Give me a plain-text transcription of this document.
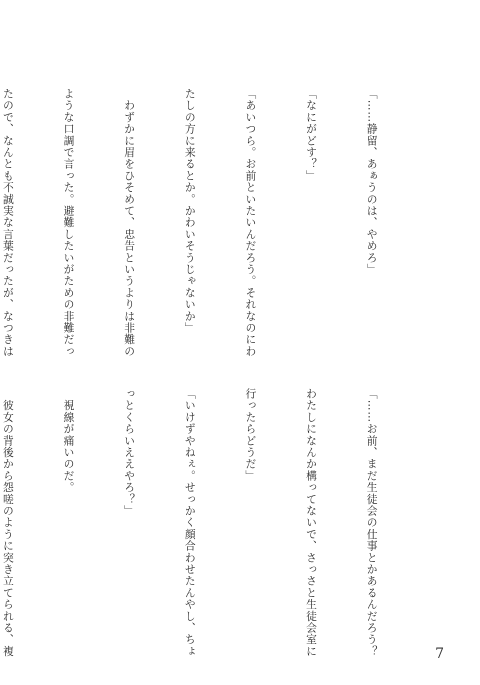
「……静留、あぁうのは、やめろ」

「なにがどす？」

「あいつら。お前といたいんだろう。それなのにわ

たしの方に来るとか。かわいそうじゃないか」

　わずかに眉をひそめて、忠告というよりは非難の

ような口調で言った。避難したいがための非難だっ

たので、なんとも不誠実な言葉だったが、なつきは

「……お前、まだ生徒会の仕事とかあるんだろう？

わたしになんか構ってないで、さっさと生徒会室に

行ったらどうだ」

「いけずやねぇ。せっかく顔合わせたんやし、ちょ

っとくらいええやろ？」

　視線が痛いのだ。

　彼女の背後から怨嗟のように突き立てられる、複

	7
